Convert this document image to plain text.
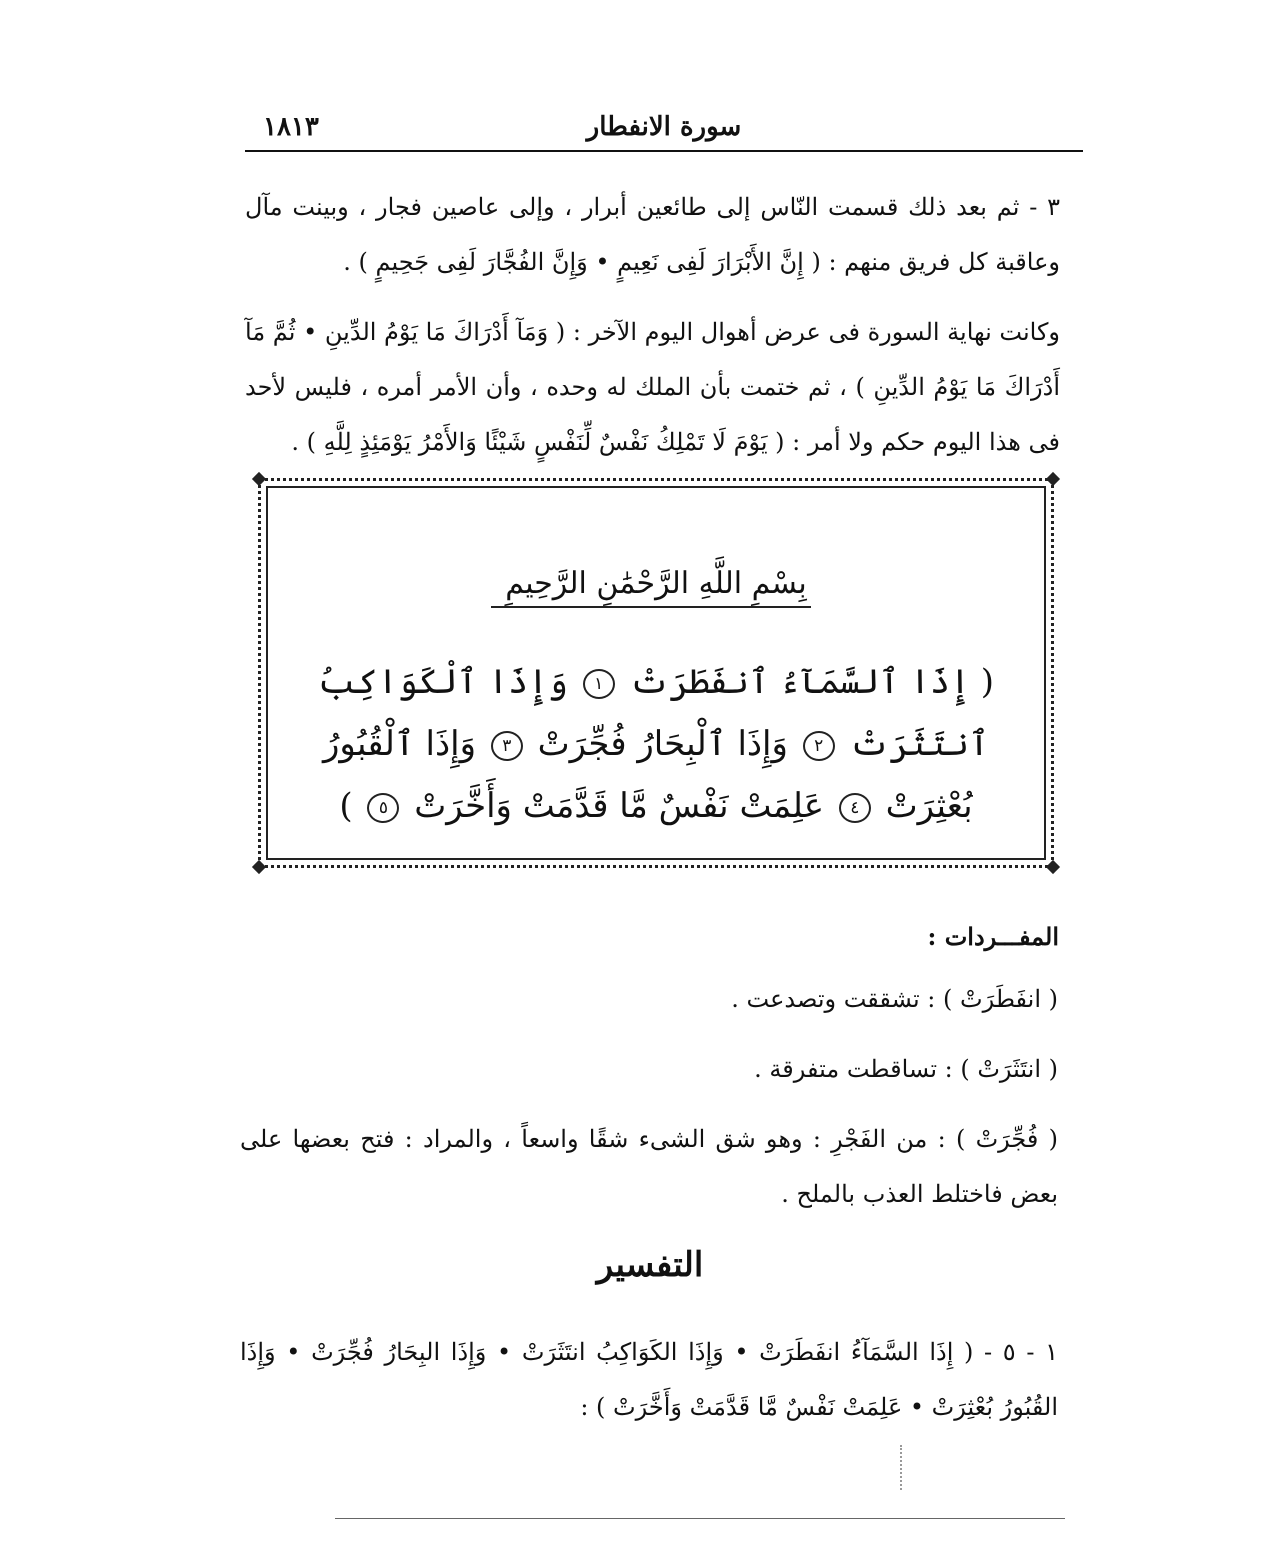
١٨١٣	سورة الانفطار

٣ - ثم بعد ذلك قسمت النّاس إلى طائعين أبرار ، وإلى عاصين فجار ، وبينت مآل وعاقبة كل فريق منهم : ( إِنَّ الأَبْرَارَ لَفِى نَعِيمٍ • وَإِنَّ الفُجَّارَ لَفِى جَحِيمٍ ) .

وكانت نهاية السورة فى عرض أهوال اليوم الآخر : ( وَمَآ أَدْرَاكَ مَا يَوْمُ الدِّينِ • ثُمَّ مَآ أَدْرَاكَ مَا يَوْمُ الدِّينِ ) ، ثم ختمت بأن الملك له وحده ، وأن الأمر أمره ، فليس لأحد فى هذا اليوم حكم ولا أمر : ( يَوْمَ لَا تَمْلِكُ نَفْسٌ لِّنَفْسٍ شَيْئًا وَالأَمْرُ يَوْمَئِذٍ لِلَّهِ ) .

بِسْمِ اللَّهِ الرَّحْمَٰنِ الرَّحِيمِ
( إِذَا ٱلسَّمَآءُ ٱنفَطَرَتْ ١ وَإِذَا ٱلْكَوَاكِبُ ٱنتَثَرَتْ ٢ وَإِذَا ٱلْبِحَارُ فُجِّرَتْ ٣ وَإِذَا ٱلْقُبُورُ بُعْثِرَتْ ٤ عَلِمَتْ نَفْسٌ مَّا قَدَّمَتْ وَأَخَّرَتْ ٥ )
المفـــردات :

( انفَطَرَتْ ) : تشققت وتصدعت .

( انتَثَرَتْ ) : تساقطت متفرقة .

( فُجِّرَتْ ) : من الفَجْرِ : وهو شق الشىء شقًا واسعاً ، والمراد : فتح بعضها على بعض فاختلط العذب بالملح .

التفسير

١ - ٥ - ( إِذَا السَّمَآءُ انفَطَرَتْ • وَإِذَا الكَوَاكِبُ انتَثَرَتْ • وَإِذَا البِحَارُ فُجِّرَتْ • وَإِذَا القُبُورُ بُعْثِرَتْ • عَلِمَتْ نَفْسٌ مَّا قَدَّمَتْ وَأَخَّرَتْ ) :
